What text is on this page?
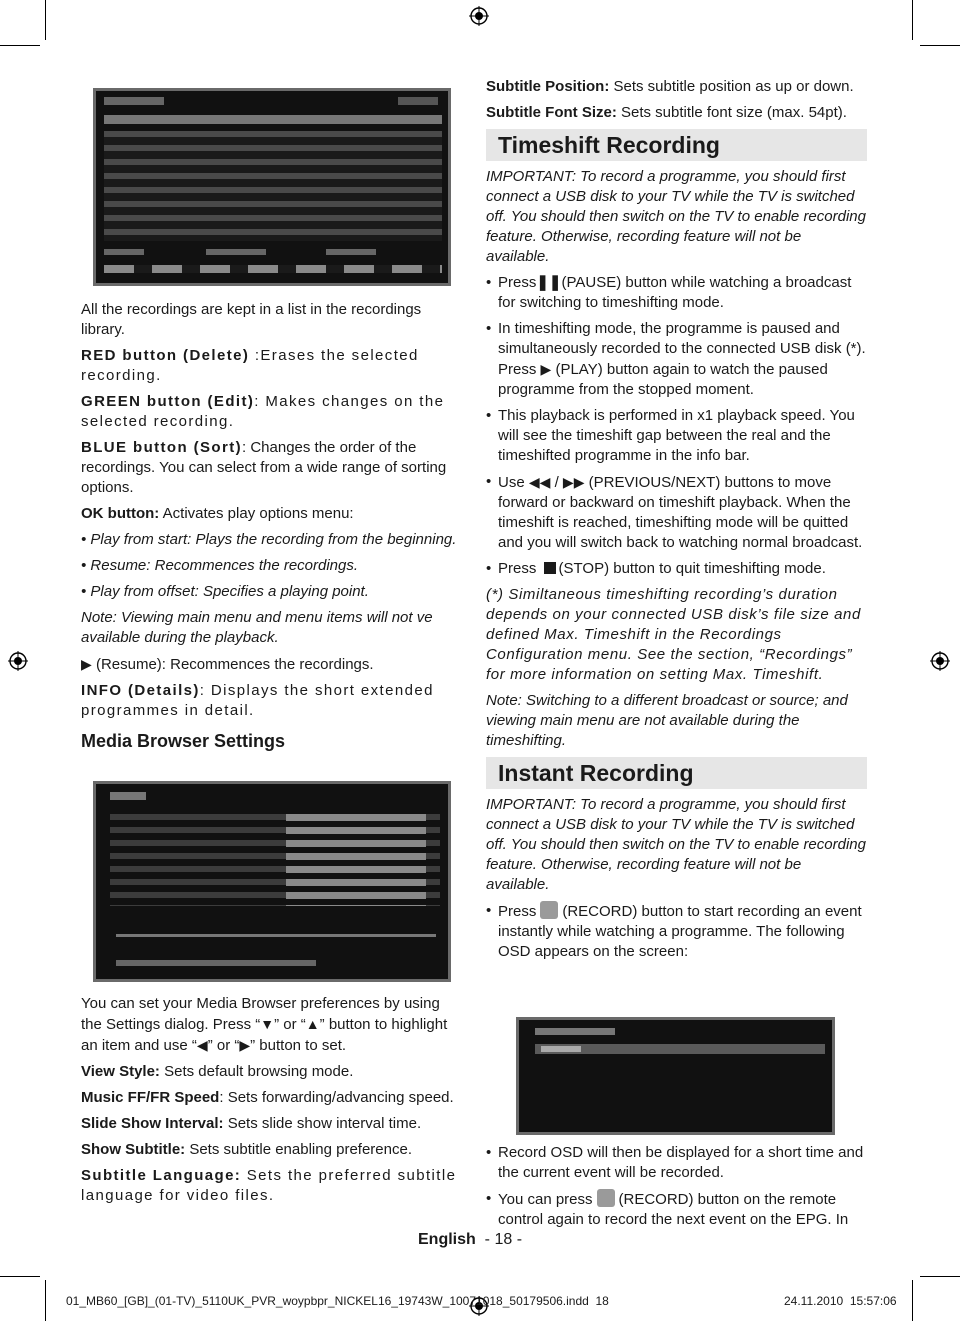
All the recordings are kept in a list in the recordings library.

RED button (Delete) :Erases the selected recording.

GREEN button (Edit): Makes changes on the selected recording.

BLUE button (Sort): Changes the order of the recordings. You can select from a wide range of sorting options.

OK button: Activates play options menu:

• Play from start: Plays the recording from the beginning.

• Resume: Recommences the recordings.

• Play from offset: Specifies a playing point.

Note: Viewing main menu and menu items will not ve available during the playback.

▶ (Resume): Recommences the recordings.

INFO (Details): Displays the short extended programmes in detail.

Media Browser Settings

You can set your Media Browser preferences by using the Settings dialog. Press “▼” or “▲” button to highlight an item and use “◀” or “▶” button to set.

View Style: Sets default browsing mode.

Music FF/FR Speed: Sets forwarding/advancing speed.

Slide Show Interval: Sets slide show interval time.

Show Subtitle: Sets subtitle enabling preference.

Subtitle Language: Sets the preferred subtitle language for video files.

Subtitle Position: Sets subtitle position as up or down.

Subtitle Font Size: Sets subtitle font size (max. 54pt).

Timeshift Recording

IMPORTANT: To record a programme, you should first connect a USB disk to your TV while the TV is switched off. You should then switch on the TV to enable recording feature. Otherwise, recording feature will not be available.

• Press❚❚(PAUSE) button while watching a broadcast for switching to timeshifting mode.
• In timeshifting mode, the programme is paused and simultaneously recorded to the connected USB disk (*). Press ▶ (PLAY) button again to watch the paused programme from the stopped moment.
• This playback is performed in x1 playback speed. You will see the timeshift gap between the real and the timeshifted programme in the info bar.
• Use ◀◀ / ▶▶ (PREVIOUS/NEXT) buttons to move forward or backward on timeshift playback. When the timeshift is reached, timeshifting mode will be quitted and you will switch back to watching normal broadcast.
• Press (STOP) button to quit timeshifting mode.

(*) Similtaneous timeshifting recording’s duration depends on your connected USB disk’s file size and defined Max. Timeshift in the Recordings Configuration menu. See the section, “Recordings” for more information on setting Max. Timeshift.

Note: Switching to a different broadcast or source; and viewing main menu are not available during the timeshifting.

Instant Recording

IMPORTANT: To record a programme, you should first connect a USB disk to your TV while the TV is switched off. You should then switch on the TV to enable recording feature. Otherwise, recording feature will not be available.

• Press (RECORD) button to start recording an event instantly while watching a programme. The following OSD appears on the screen:
• Record OSD will then be displayed for a short time and the current event will be recorded.
• You can press (RECORD) button on the remote control again to record the next event on the EPG. In
English - 18 -
01_MB60_[GB]_(01-TV)_5110UK_PVR_woypbpr_NICKEL16_19743W_10071018_50179506.indd 18	24.11.2010 15:57:06
